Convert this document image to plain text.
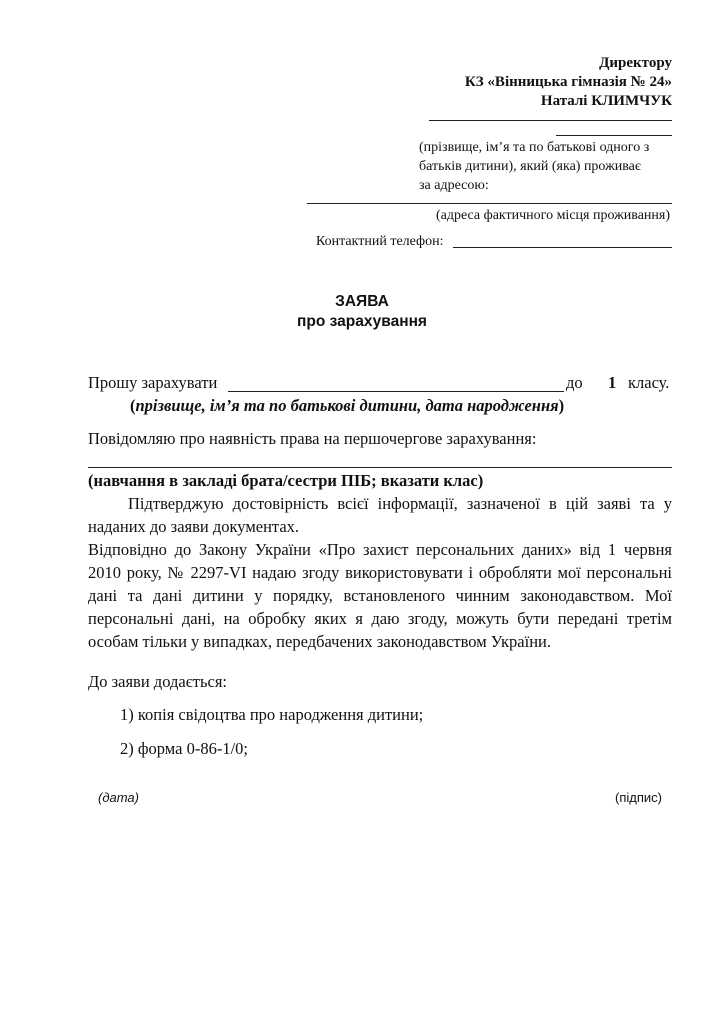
Директору
КЗ «Вінницька гімназія № 24»
Наталі КЛИМЧУК
(прізвище, ім’я та по батькові одного з
батьків дитини), який (яка) проживає
за адресою:
(адреса фактичного місця проживання)
Контактний телефон:
ЗАЯВА
про зарахування
Прошу зарахувати	до 1 класу.
(прізвище, ім’я та по батькові дитини, дата народження)
Повідомляю про наявність права на першочергове зарахування:
(навчання в закладі брата/сестри ПІБ; вказати клас)
Підтверджую достовірність всієї інформації, зазначеної в цій заяві та у наданих до заяви документах.
Відповідно до Закону України «Про захист персональних даних» від 1 червня 2010 року, № 2297-VI надаю згоду використовувати і обробляти мої персональні дані та дані дитини у порядку, встановленого чинним законодавством. Мої персональні дані, на обробку яких я даю згоду, можуть бути передані третім особам тільки у випадках, передбачених законодавством України.
До заяви додається:
1) копія свідоцтва про народження дитини;
2) форма 0-86-1/0;
(дата)	(підпис)
